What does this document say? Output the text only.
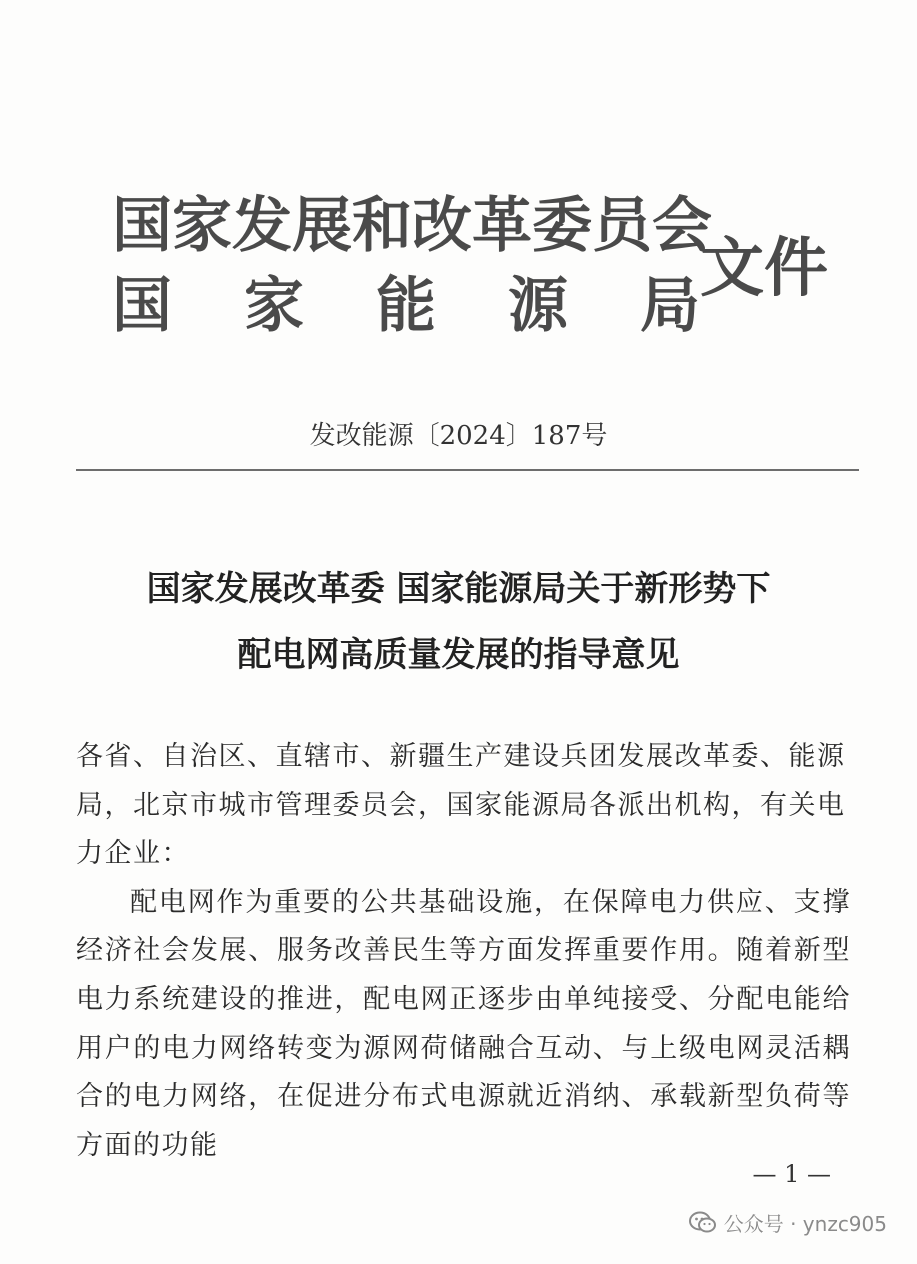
国家发展和改革委员会
国家能源局
文件
发改能源〔2024〕187号
国家发展改革委 国家能源局关于新形势下
配电网高质量发展的指导意见

各省、自治区、直辖市、新疆生产建设兵团发展改革委、能源局，北京市城市管理委员会，国家能源局各派出机构，有关电力企业：

配电网作为重要的公共基础设施，在保障电力供应、支撑经济社会发展、服务改善民生等方面发挥重要作用。随着新型电力系统建设的推进，配电网正逐步由单纯接受、分配电能给用户的电力网络转变为源网荷储融合互动、与上级电网灵活耦合的电力网络，在促进分布式电源就近消纳、承载新型负荷等方面的功能

— 1 —
公众号 · ynzc905
